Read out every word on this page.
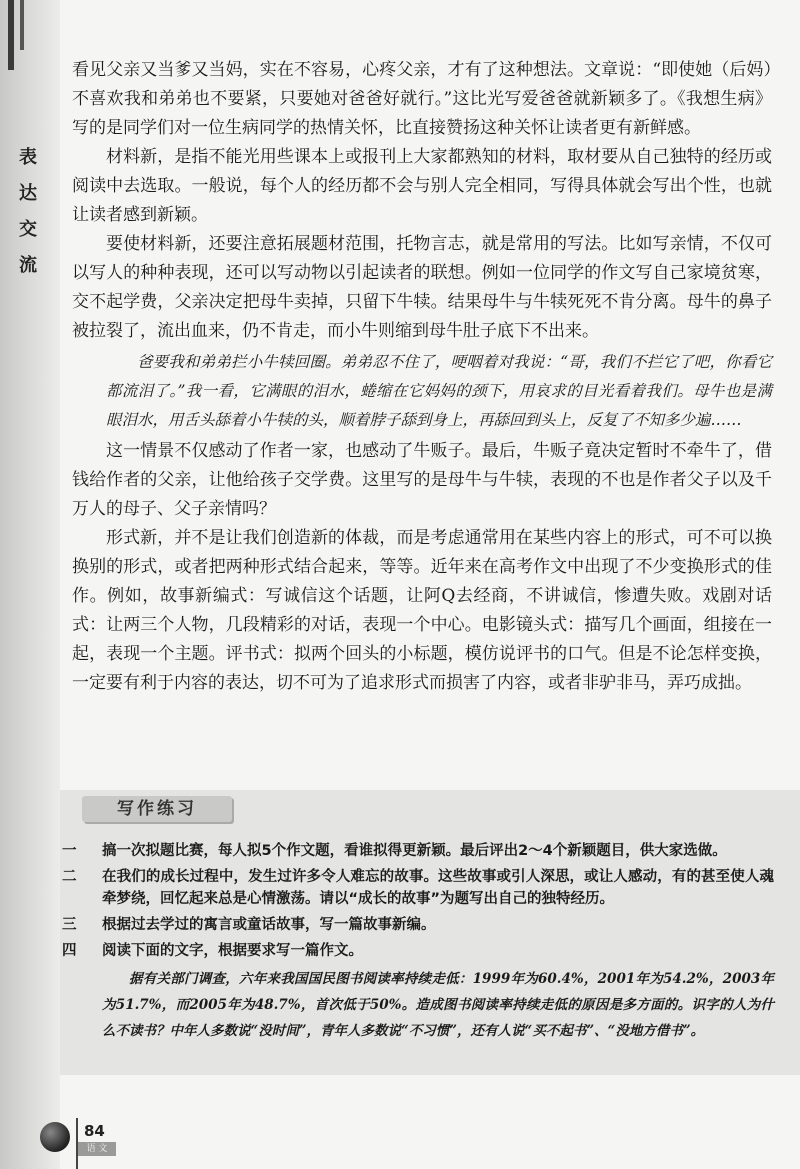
表
达
交
流

看见父亲又当爹又当妈，实在不容易，心疼父亲，才有了这种想法。文章说：“即使她（后妈）不喜欢我和弟弟也不要紧，只要她对爸爸好就行。”这比光写爱爸爸就新颖多了。《我想生病》写的是同学们对一位生病同学的热情关怀，比直接赞扬这种关怀让读者更有新鲜感。

材料新，是指不能光用些课本上或报刊上大家都熟知的材料，取材要从自己独特的经历或阅读中去选取。一般说，每个人的经历都不会与别人完全相同，写得具体就会写出个性，也就让读者感到新颖。

要使材料新，还要注意拓展题材范围，托物言志，就是常用的写法。比如写亲情，不仅可以写人的种种表现，还可以写动物以引起读者的联想。例如一位同学的作文写自己家境贫寒，交不起学费，父亲决定把母牛卖掉，只留下牛犊。结果母牛与牛犊死死不肯分离。母牛的鼻子被拉裂了，流出血来，仍不肯走，而小牛则缩到母牛肚子底下不出来。

爸要我和弟弟拦小牛犊回圈。弟弟忍不住了，哽咽着对我说：“哥，我们不拦它了吧，你看它都流泪了。”我一看，它满眼的泪水，蜷缩在它妈妈的颈下，用哀求的目光看着我们。母牛也是满眼泪水，用舌头舔着小牛犊的头，顺着脖子舔到身上，再舔回到头上，反复了不知多少遍……

这一情景不仅感动了作者一家，也感动了牛贩子。最后，牛贩子竟决定暂时不牵牛了，借钱给作者的父亲，让他给孩子交学费。这里写的是母牛与牛犊，表现的不也是作者父子以及千万人的母子、父子亲情吗？

形式新，并不是让我们创造新的体裁，而是考虑通常用在某些内容上的形式，可不可以换换别的形式，或者把两种形式结合起来，等等。近年来在高考作文中出现了不少变换形式的佳作。例如，故事新编式：写诚信这个话题，让阿Q去经商，不讲诚信，惨遭失败。戏剧对话式：让两三个人物，几段精彩的对话，表现一个中心。电影镜头式：描写几个画面，组接在一起，表现一个主题。评书式：拟两个回头的小标题，模仿说评书的口气。但是不论怎样变换，一定要有利于内容的表达，切不可为了追求形式而损害了内容，或者非驴非马，弄巧成拙。

写作练习
一	搞一次拟题比赛，每人拟5个作文题，看谁拟得更新颖。最后评出2～4个新颖题目，供大家选做。
二	在我们的成长过程中，发生过许多令人难忘的故事。这些故事或引人深思，或让人感动，有的甚至使人魂牵梦绕，回忆起来总是心情激荡。请以“成长的故事”为题写出自己的独特经历。
三	根据过去学过的寓言或童话故事，写一篇故事新编。
四	阅读下面的文字，根据要求写一篇作文。

据有关部门调查，六年来我国国民图书阅读率持续走低：1999年为60.4%，2001年为54.2%，2003年为51.7%，而2005年为48.7%，首次低于50%。造成图书阅读率持续走低的原因是多方面的。识字的人为什么不读书？中年人多数说“没时间”，青年人多数说“不习惯”，还有人说“买不起书”、“没地方借书”。

84
语 文
